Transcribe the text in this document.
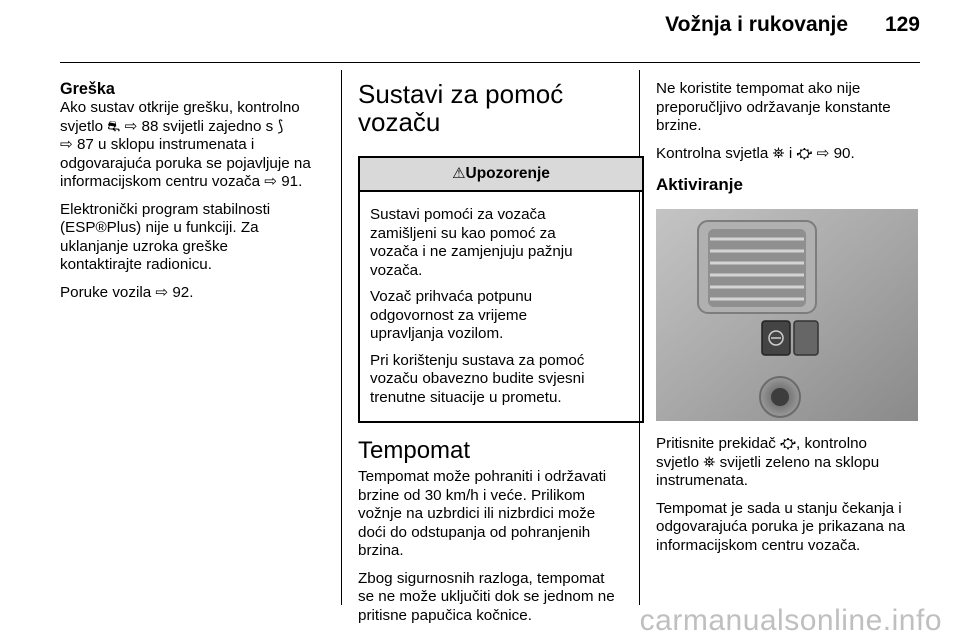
Vožnja i rukovanje 129
Greška

Ako sustav otkrije grešku, kontrolno
svjetlo ⛐ ⇨ 88 svijetli zajedno s ⟆
⇨ 87 u sklopu instrumenata i
odgovarajuća poruka se pojavljuje na
informacijskom centru vozača ⇨ 91.

Elektronički program stabilnosti
(ESP®Plus) nije u funkciji. Za
uklanjanje uzroka greške
kontaktirajte radionicu.

Poruke vozila ⇨ 92.

Sustavi za pomoć
vozaču
⚠Upozorenje

Sustavi pomoći za vozača
zamišljeni su kao pomoć za
vozača i ne zamjenjuju pažnju
vozača.

Vozač prihvaća potpunu
odgovornost za vrijeme
upravljanja vozilom.

Pri korištenju sustava za pomoć
vozaču obavezno budite svjesni
trenutne situacije u prometu.

Tempomat

Tempomat može pohraniti i održavati
brzine od 30 km/h i veće. Prilikom
vožnje na uzbrdici ili nizbrdici može
doći do odstupanja od pohranjenih
brzina.

Zbog sigurnosnih razloga, tempomat
se ne može uključiti dok se jednom ne
pritisne papučica kočnice.

Ne koristite tempomat ako nije
preporučljivo održavanje konstante
brzine.

Kontrolna svjetla ⛯ i ⛮ ⇨ 90.

Aktiviranje

Pritisnite prekidač ⛮, kontrolno
svjetlo ⛯ svijetli zeleno na sklopu
instrumenata.

Tempomat je sada u stanju čekanja i
odgovarajuća poruka je prikazana na
informacijskom centru vozača.

carmanualsonline.info
